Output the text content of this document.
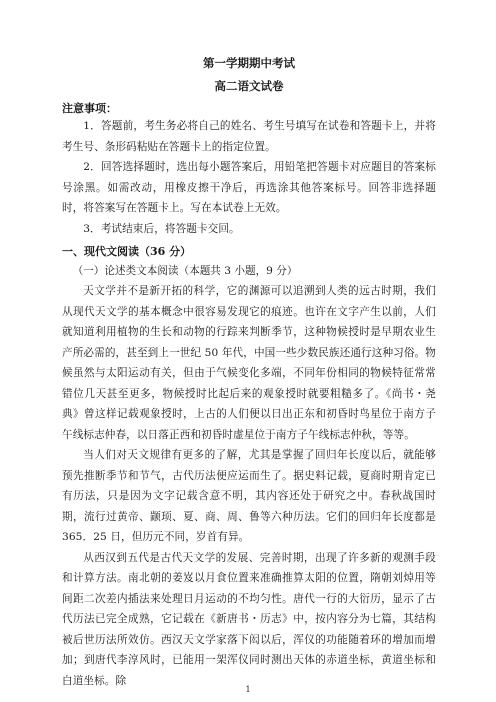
第一学期期中考试
高二语文试卷
注意事项：

1．答题前，考生务必将自己的姓名、考生号填写在试卷和答题卡上，并将考生号、条形码粘贴在答题卡上的指定位置。

2．回答选择题时，选出每小题答案后，用铅笔把答题卡对应题目的答案标号涂黑。如需改动，用橡皮擦干净后，再选涂其他答案标号。回答非选择题时，将答案写在答题卡上。写在本试卷上无效。

3．考试结束后，将答题卡交回。

一、现代文阅读（36 分）
（一）论述类文本阅读（本题共 3 小题，9 分）

天文学并不是新开拓的科学，它的渊源可以追溯到人类的远古时期，我们从现代天文学的基本概念中很容易发现它的痕迹。也许在文字产生以前，人们就知道利用植物的生长和动物的行踪来判断季节，这种物候授时是早期农业生产所必需的，甚至到上一世纪 50 年代，中国一些少数民族还通行这种习俗。物候虽然与太阳运动有关，但由于气候变化多端，不同年份相同的物候特征常常错位几天甚至更多，物候授时比起后来的观象授时就要粗糙多了。《尚书・尧典》曾这样记载观象授时，上古的人们便以日出正东和初昏时鸟星位于南方子午线标志仲春，以日落正西和初昏时虚星位于南方子午线标志仲秋，等等。

当人们对天文规律有更多的了解，尤其是掌握了回归年长度以后，就能够预先推断季节和节气，古代历法便应运而生了。据史料记载，夏商时期肯定已有历法，只是因为文字记载含意不明，其内容还处于研究之中。春秋战国时期，流行过黄帝、颛顼、夏、商、周、鲁等六种历法。它们的回归年长度都是 365．25 日，但历元不同，岁首有异。

从西汉到五代是古代天文学的发展、完善时期，出现了许多新的观测手段和计算方法。南北朝的姜岌以月食位置来准确推算太阳的位置，隋朝刘焯用等间距二次差内插法来处理日月运动的不均匀性。唐代一行的大衍历，显示了古代历法已完全成熟，它记载在《新唐书・历志》中，按内容分为七篇，其结构被后世历法所效仿。西汉天文学家落下闳以后，浑仪的功能随着环的增加而增加；到唐代李淳风时，已能用一架浑仪同时测出天体的赤道坐标，黄道坐标和白道坐标。除

1
